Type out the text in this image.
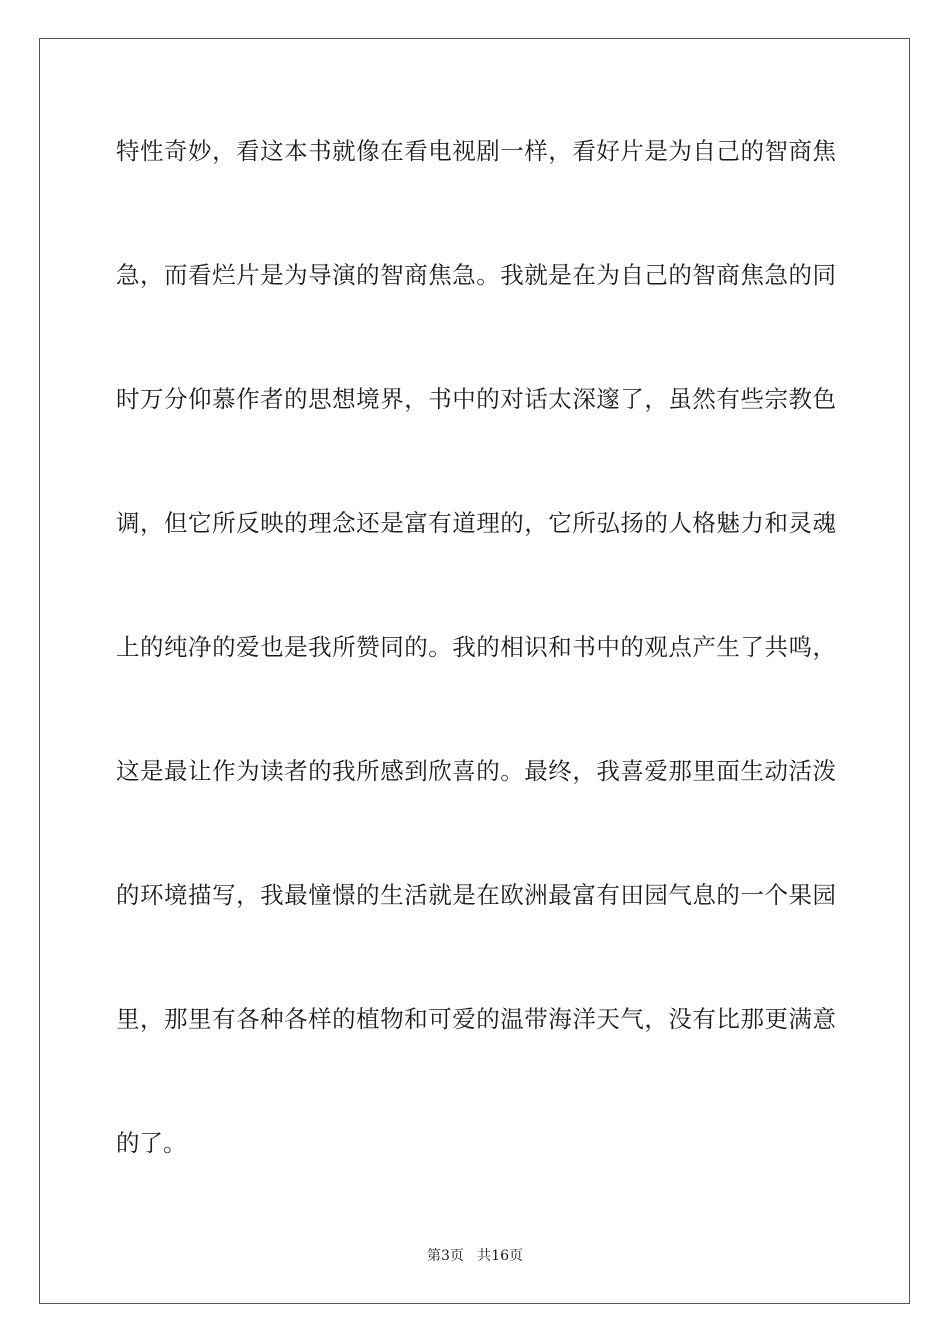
特性奇妙，看这本书就像在看电视剧一样，看好片是为自己的智商焦
急，而看烂片是为导演的智商焦急。我就是在为自己的智商焦急的同
时万分仰慕作者的思想境界，书中的对话太深邃了，虽然有些宗教色
调，但它所反映的理念还是富有道理的，它所弘扬的人格魅力和灵魂
上的纯净的爱也是我所赞同的。我的相识和书中的观点产生了共鸣，
这是最让作为读者的我所感到欣喜的。最终，我喜爱那里面生动活泼
的环境描写，我最憧憬的生活就是在欧洲最富有田园气息的一个果园
里，那里有各种各样的植物和可爱的温带海洋天气，没有比那更满意
的了。
第3页   共16页
